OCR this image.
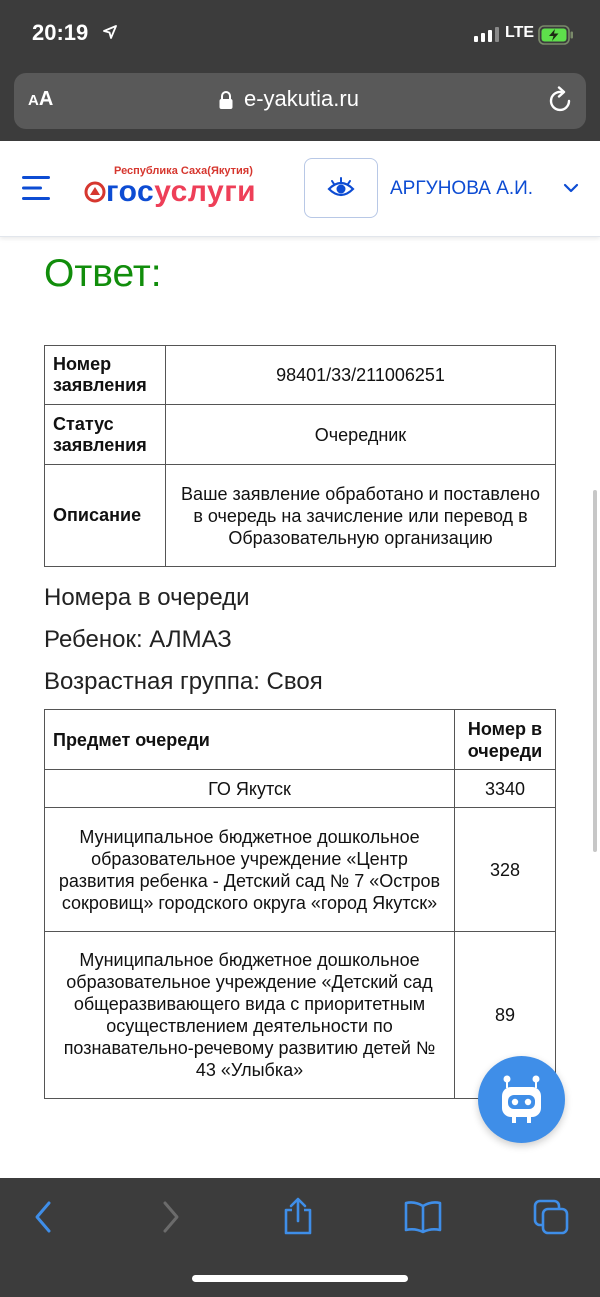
20:19	LTE
AA	e-yakutia.ru
Республика Саха(Якутия)
госуслуги	АРГУНОВА А.И.
Ответ:
Номер заявления	98401/33/211006251
Статус заявления	Очередник
Описание	Ваше заявление обработано и поставлено в очередь на зачисление или перевод в Образовательную организацию
Номера в очереди
Ребенок: АЛМАЗ
Возрастная группа: Своя
Предмет очереди	Номер в очереди
ГО Якутск	3340
Муниципальное бюджетное дошкольное образовательное учреждение «Центр развития ребенка - Детский сад № 7 «Остров сокровищ» городского округа «город Якутск»	328
Муниципальное бюджетное дошкольное образовательное учреждение «Детский сад общеразвивающего вида с приоритетным осуществлением деятельности по познавательно-речевому развитию детей № 43 «Улыбка»	89
